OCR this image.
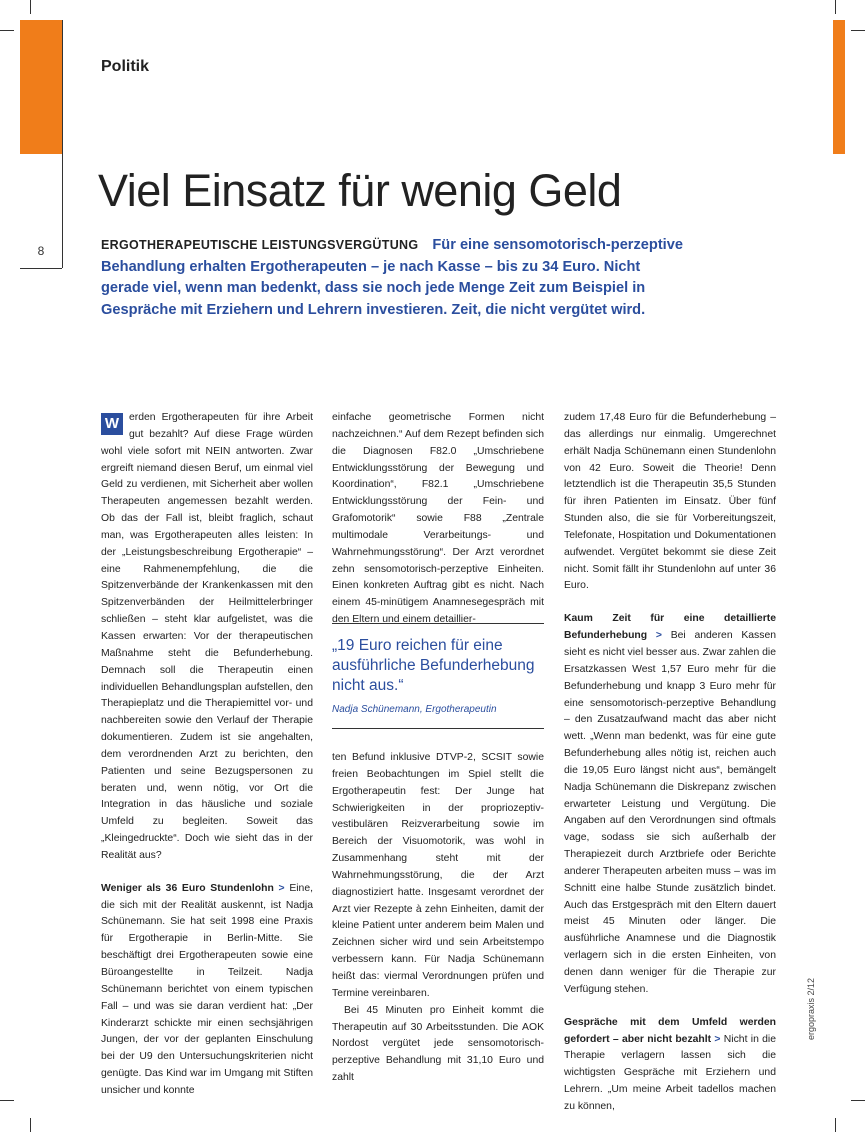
8
Politik
Viel Einsatz für wenig Geld
ERGOTHERAPEUTISCHE LEISTUNGSVERGÜTUNG Für eine sensomotorisch-perzeptive Behandlung erhalten Ergotherapeuten – je nach Kasse – bis zu 34 Euro. Nicht gerade viel, wenn man bedenkt, dass sie noch jede Menge Zeit zum Beispiel in Gespräche mit Erziehern und Lehrern investieren. Zeit, die nicht vergütet wird.

W erden Ergotherapeuten für ihre Arbeit gut bezahlt? Auf diese Frage würden wohl viele sofort mit NEIN antworten. Zwar ergreift niemand diesen Beruf, um einmal viel Geld zu verdienen, mit Sicherheit aber wollen Therapeuten angemessen bezahlt werden. Ob das der Fall ist, bleibt fraglich, schaut man, was Ergotherapeuten alles leisten: In der „Leistungsbeschreibung Ergotherapie“ – eine Rahmenempfehlung, die die Spitzenverbände der Krankenkassen mit den Spitzenverbänden der Heilmittelerbringer schließen – steht klar aufgelistet, was die Kassen erwarten: Vor der therapeutischen Maßnahme steht die Befunderhebung. Demnach soll die Therapeutin einen individuellen Behandlungsplan aufstellen, den Therapieplatz und die Therapiemittel vor- und nachbereiten sowie den Verlauf der Therapie dokumentieren. Zudem ist sie angehalten, dem verordnenden Arzt zu berichten, den Patienten und seine Bezugspersonen zu beraten und, wenn nötig, vor Ort die Integration in das häusliche und soziale Umfeld zu begleiten. Soweit das „Kleingedruckte“. Doch wie sieht das in der Realität aus?

Weniger als 36 Euro Stundenlohn > Eine, die sich mit der Realität auskennt, ist Nadja Schünemann. Sie hat seit 1998 eine Praxis für Ergotherapie in Berlin-Mitte. Sie beschäftigt drei Ergotherapeuten sowie eine Büroangestellte in Teilzeit. Nadja Schünemann berichtet von einem typischen Fall – und was sie daran verdient hat: „Der Kinderarzt schickte mir einen sechsjährigen Jungen, der vor der geplanten Einschulung bei der U9 den Untersuchungskriterien nicht genügte. Das Kind war im Umgang mit Stiften unsicher und konnte

einfache geometrische Formen nicht nachzeichnen.“ Auf dem Rezept befinden sich die Diagnosen F82.0 „Umschriebene Entwicklungsstörung der Bewegung und Koordination“, F82.1 „Umschriebene Entwicklungsstörung der Fein- und Grafomotorik“ sowie F88 „Zentrale multimodale Verarbeitungs- und Wahrnehmungsstörung“. Der Arzt verordnet zehn sensomotorisch-perzeptive Einheiten. Einen konkreten Auftrag gibt es nicht. Nach einem 45-minütigem Anamnesegespräch mit den Eltern und einem detaillier-

„19 Euro reichen für eine ausführliche Befunderhebung nicht aus.“
Nadja Schünemann, Ergotherapeutin

ten Befund inklusive DTVP-2, SCSIT sowie freien Beobachtungen im Spiel stellt die Ergotherapeutin fest: Der Junge hat Schwierigkeiten in der propriozeptiv-vestibulären Reizverarbeitung sowie im Bereich der Visuomotorik, was wohl in Zusammenhang steht mit der Wahrnehmungsstörung, die der Arzt diagnostiziert hatte. Insgesamt verordnet der Arzt vier Rezepte à zehn Einheiten, damit der kleine Patient unter anderem beim Malen und Zeichnen sicher wird und sein Arbeitstempo verbessern kann. Für Nadja Schünemann heißt das: viermal Verordnungen prüfen und Termine vereinbaren.

Bei 45 Minuten pro Einheit kommt die Therapeutin auf 30 Arbeitsstunden. Die AOK Nordost vergütet jede sensomotorisch-perzeptive Behandlung mit 31,10 Euro und zahlt

zudem 17,48 Euro für die Befunderhebung – das allerdings nur einmalig. Umgerechnet erhält Nadja Schünemann einen Stundenlohn von 42 Euro. Soweit die Theorie! Denn letztendlich ist die Therapeutin 35,5 Stunden für ihren Patienten im Einsatz. Über fünf Stunden also, die sie für Vorbereitungszeit, Telefonate, Hospitation und Dokumentationen aufwendet. Vergütet bekommt sie diese Zeit nicht. Somit fällt ihr Stundenlohn auf unter 36 Euro.

Kaum Zeit für eine detaillierte Befunderhebung > Bei anderen Kassen sieht es nicht viel besser aus. Zwar zahlen die Ersatzkassen West 1,57 Euro mehr für die Befunderhebung und knapp 3 Euro mehr für eine sensomotorisch-perzeptive Behandlung – den Zusatzaufwand macht das aber nicht wett. „Wenn man bedenkt, was für eine gute Befunderhebung alles nötig ist, reichen auch die 19,05 Euro längst nicht aus“, bemängelt Nadja Schünemann die Diskrepanz zwischen erwarteter Leistung und Vergütung. Die Angaben auf den Verordnungen sind oftmals vage, sodass sie sich außerhalb der Therapiezeit durch Arztbriefe oder Berichte anderer Therapeuten arbeiten muss – was im Schnitt eine halbe Stunde zusätzlich bindet. Auch das Erstgespräch mit den Eltern dauert meist 45 Minuten oder länger. Die ausführliche Anamnese und die Diagnostik verlagern sich in die ersten Einheiten, von denen dann weniger für die Therapie zur Verfügung stehen.

Gespräche mit dem Umfeld werden gefordert – aber nicht bezahlt > Nicht in die Therapie verlagern lassen sich die wichtigsten Gespräche mit Erziehern und Lehrern. „Um meine Arbeit tadellos machen zu können,

ergopraxis 2/12
